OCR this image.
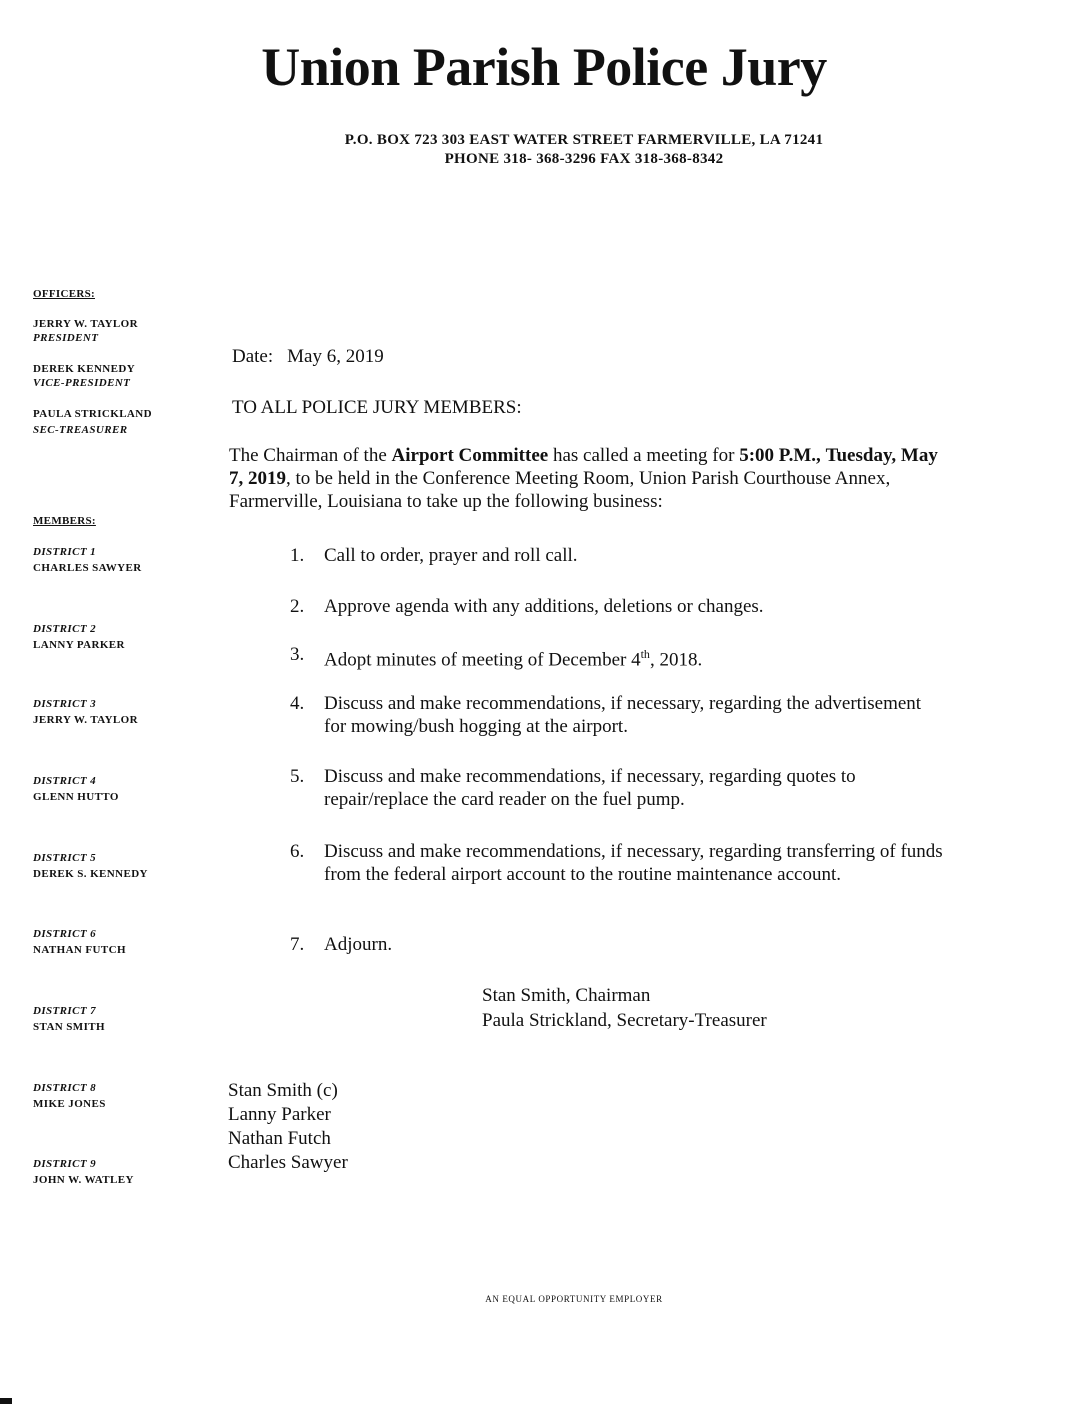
Union Parish Police Jury
P.O. BOX 723 303 EAST WATER STREET FARMERVILLE, LA 71241
PHONE 318- 368-3296 FAX 318-368-8342
OFFICERS:
JERRY W. TAYLOR
PRESIDENT
DEREK KENNEDY
VICE-PRESIDENT
PAULA STRICKLAND
SEC-TREASURER
MEMBERS:
DISTRICT 1
CHARLES SAWYER
DISTRICT 2
LANNY PARKER
DISTRICT 3
JERRY W. TAYLOR
DISTRICT 4
GLENN HUTTO
DISTRICT 5
DEREK S. KENNEDY
DISTRICT 6
NATHAN FUTCH
DISTRICT 7
STAN SMITH
DISTRICT 8
MIKE JONES
DISTRICT 9
JOHN W. WATLEY
Date: May 6, 2019
TO ALL POLICE JURY MEMBERS:
The Chairman of the Airport Committee has called a meeting for 5:00 P.M., Tuesday, May 7, 2019, to be held in the Conference Meeting Room, Union Parish Courthouse Annex, Farmerville, Louisiana to take up the following business:
1.	Call to order, prayer and roll call.
2.	Approve agenda with any additions, deletions or changes.
3.	Adopt minutes of meeting of December 4th, 2018.
4.	Discuss and make recommendations, if necessary, regarding the advertisement for mowing/bush hogging at the airport.
5.	Discuss and make recommendations, if necessary, regarding quotes to repair/replace the card reader on the fuel pump.
6.	Discuss and make recommendations, if necessary, regarding transferring of funds from the federal airport account to the routine maintenance account.
7.	Adjourn.
Stan Smith, Chairman
Paula Strickland, Secretary-Treasurer
Stan Smith (c)
Lanny Parker
Nathan Futch
Charles Sawyer
AN EQUAL OPPORTUNITY EMPLOYER
